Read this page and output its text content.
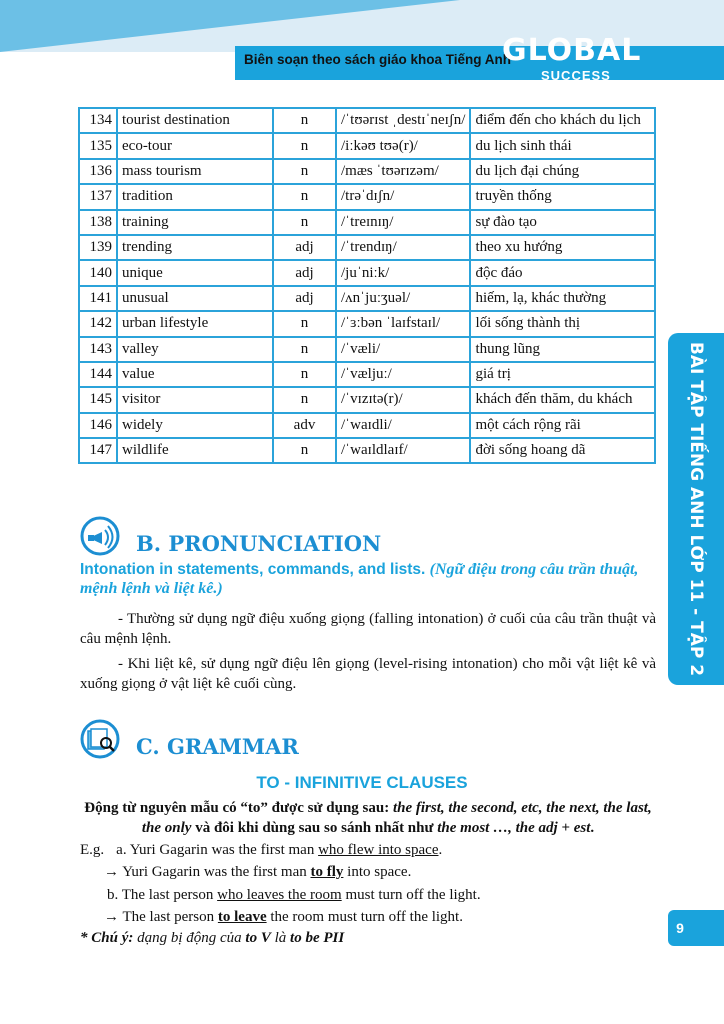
Biên soạn theo sách giáo khoa Tiếng Anh
GLOBAL
SUCCESS
134	tourist destination	n	/ˈtʊərɪst ˌdestɪˈneɪʃn/	điểm đến cho khách du lịch
135	eco-tour	n	/iːkəʊ tʊə(r)/	du lịch sinh thái
136	mass tourism	n	/mæs ˈtʊərɪzəm/	du lịch đại chúng
137	tradition	n	/trəˈdɪʃn/	truyền thống
138	training	n	/ˈtreɪnɪŋ/	sự đào tạo
139	trending	adj	/ˈtrendɪŋ/	theo xu hướng
140	unique	adj	/juˈniːk/	độc đáo
141	unusual	adj	/ʌnˈjuːʒuəl/	hiếm, lạ, khác thường
142	urban lifestyle	n	/ˈɜːbən ˈlaɪfstaɪl/	lối sống thành thị
143	valley	n	/ˈvæli/	thung lũng
144	value	n	/ˈvæljuː/	giá trị
145	visitor	n	/ˈvɪzɪtə(r)/	khách đến thăm, du khách
146	widely	adv	/ˈwaɪdli/	một cách rộng rãi
147	wildlife	n	/ˈwaɪldlaɪf/	đời sống hoang dã
B. PRONUNCIATION
Intonation in statements, commands, and lists. (Ngữ điệu trong câu trần thuật, mệnh lệnh và liệt kê.)
- Thường sử dụng ngữ điệu xuống giọng (falling intonation) ở cuối của câu trần thuật và câu mệnh lệnh.
- Khi liệt kê, sử dụng ngữ điệu lên giọng (level-rising intonation) cho mỗi vật liệt kê và xuống giọng ở vật liệt kê cuối cùng.
C. GRAMMAR
TO - INFINITIVE CLAUSES
Động từ nguyên mẫu có “to” được sử dụng sau: the first, the second, etc, the next, the last, the only và đôi khi dùng sau so sánh nhất như the most …, the adj + est.
E.g. a. Yuri Gagarin was the first man who flew into space.
→ Yuri Gagarin was the first man to fly into space.
b. The last person who leaves the room must turn off the light.
→ The last person to leave the room must turn off the light.
* Chú ý: dạng bị động của to V là to be PII
BÀI TẬP TIẾNG ANH LỚP 11 - TẬP 2
9
